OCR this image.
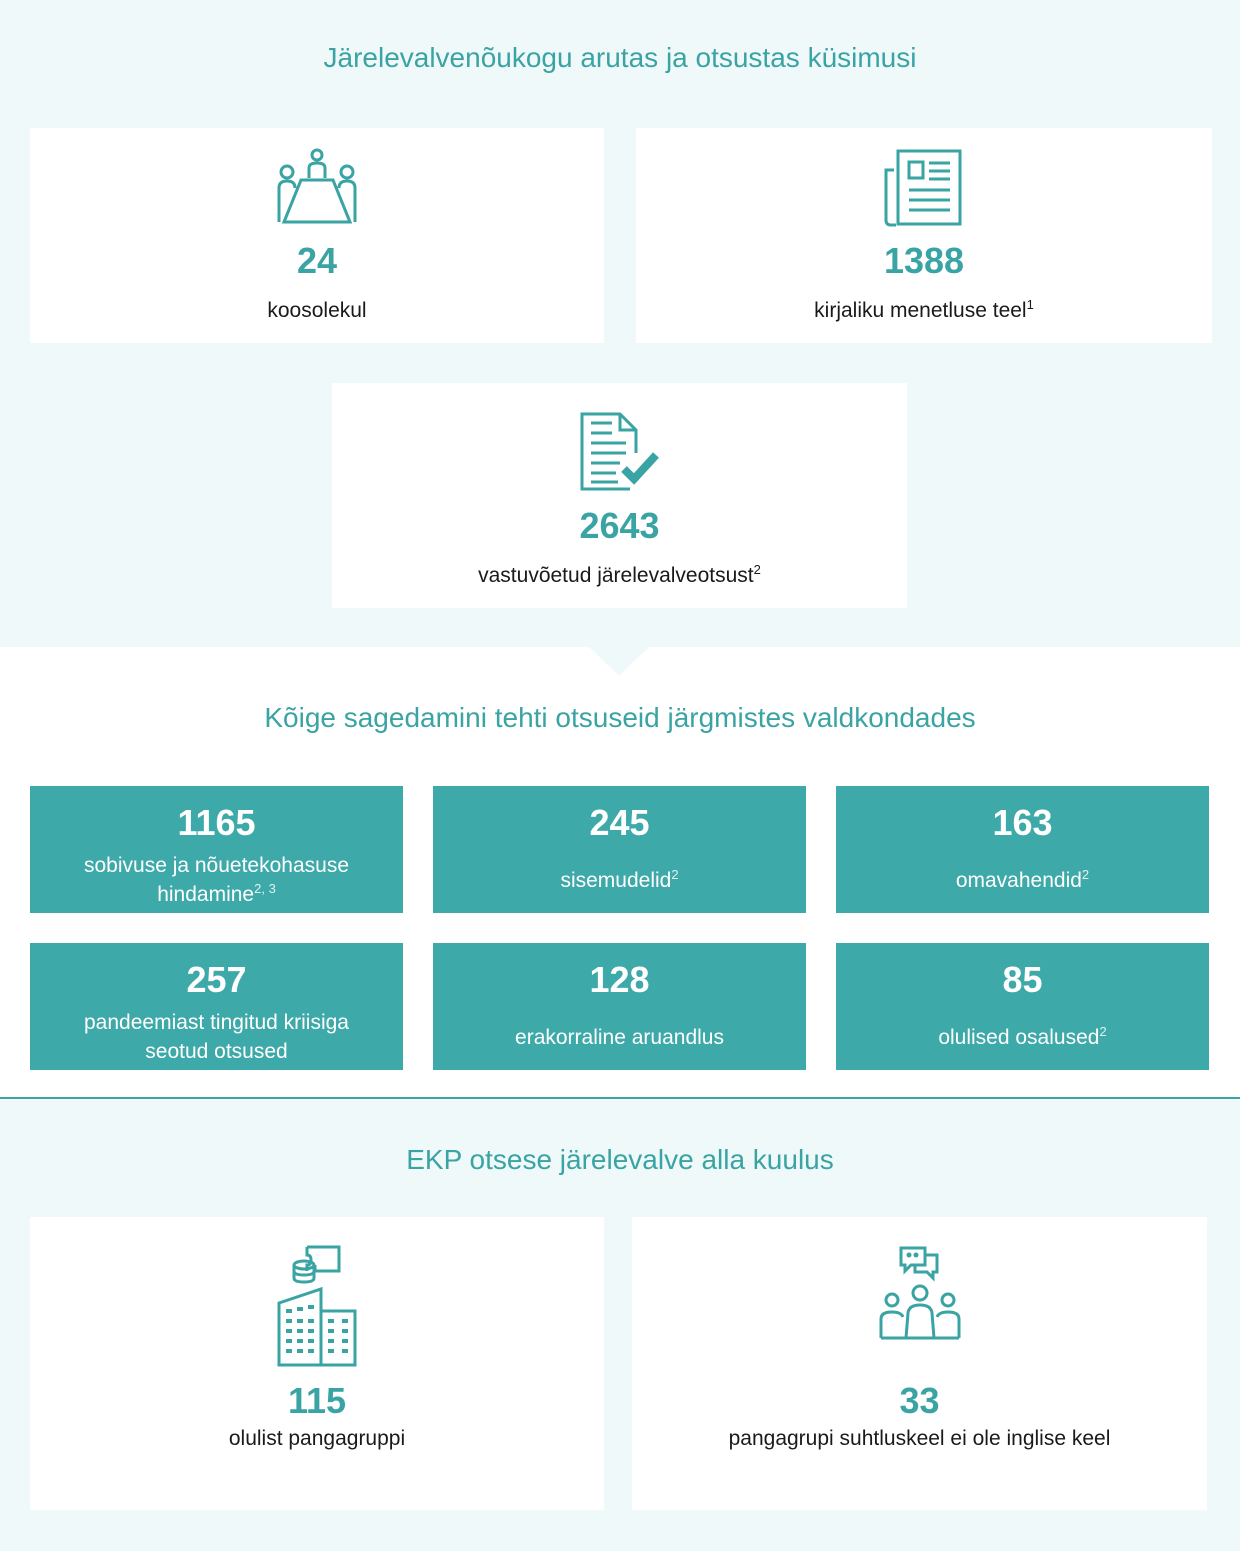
Järelevalvenõukogu arutas ja otsustas küsimusi
24
koosolekul
1388
kirjaliku menetluse teel$^1$
2643
vastuvõetud järelevalveotsust$^2$
Kõige sagedamini tehti otsuseid järgmistes valdkondades
1165
sobivuse ja nõuetekohasuse
hindamine$^{2, 3}$
245
sisemudelid$^2$
163
omavahendid$^2$
257
pandeemiast tingitud kriisiga
seotud otsused
128
erakorraline aruandlus
85
olulised osalused$^2$
EKP otsese järelevalve alla kuulus
115
olulist pangagruppi
33
pangagrupi suhtluskeel ei ole inglise keel
